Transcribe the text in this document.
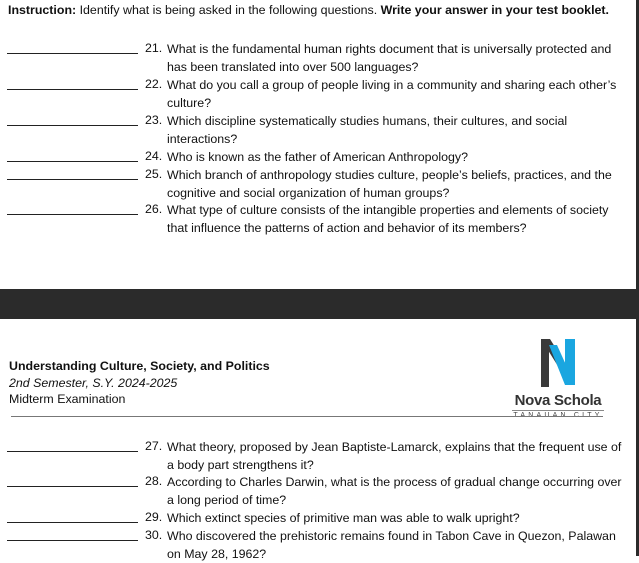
Instruction: Identify what is being asked in the following questions. Write your answer in your test booklet.
21. What is the fundamental human rights document that is universally protected and has been translated into over 500 languages?
22. What do you call a group of people living in a community and sharing each other’s culture?
23. Which discipline systematically studies humans, their cultures, and social interactions?
24. Who is known as the father of American Anthropology?
25. Which branch of anthropology studies culture, people’s beliefs, practices, and the cognitive and social organization of human groups?
26. What type of culture consists of the intangible properties and elements of society that influence the patterns of action and behavior of its members?
Understanding Culture, Society, and Politics
2nd Semester, S.Y. 2024-2025
Midterm Examination	Nova Schola
27. What theory, proposed by Jean Baptiste-Lamarck, explains that the frequent use of a body part strengthens it?
28. According to Charles Darwin, what is the process of gradual change occurring over a long period of time?
29. Which extinct species of primitive man was able to walk upright?
30. Who discovered the prehistoric remains found in Tabon Cave in Quezon, Palawan on May 28, 1962?
